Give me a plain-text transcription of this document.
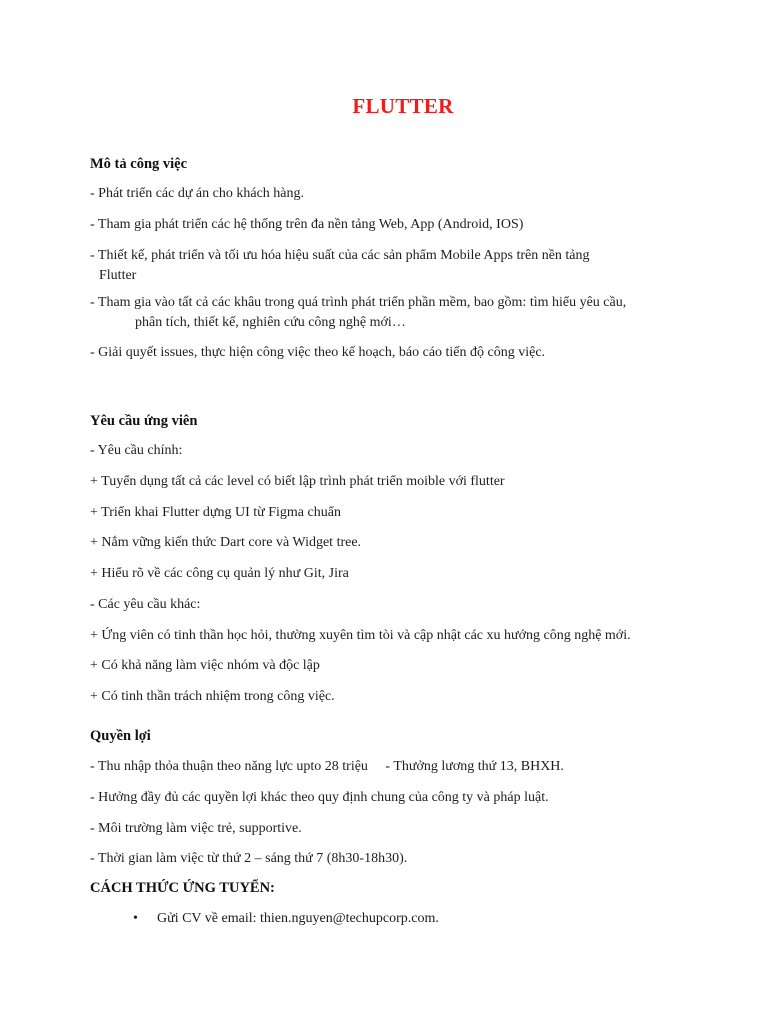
FLUTTER
Mô tả công việc
- Phát triển các dự án cho khách hàng.
- Tham gia phát triển các hệ thống trên đa nền tảng Web, App (Android, IOS)
- Thiết kế, phát triển và tối ưu hóa hiệu suất của các sản phẩm Mobile Apps trên nền tảng
Flutter
- Tham gia vào tất cả các khâu trong quá trình phát triển phần mềm, bao gồm: tìm hiểu yêu cầu,
phân tích, thiết kế, nghiên cứu công nghệ mới…
- Giải quyết issues, thực hiện công việc theo kế hoạch, báo cáo tiến độ công việc.
Yêu cầu ứng viên
- Yêu cầu chính:
+ Tuyển dụng tất cả các level có biết lập trình phát triển moible với flutter
+ Triển khai Flutter dựng UI từ Figma chuẩn
+ Nắm vững kiến thức Dart core và Widget tree.
+ Hiểu rõ về các công cụ quản lý như Git, Jira
- Các yêu cầu khác:
+ Ứng viên có tinh thần học hỏi, thường xuyên tìm tòi và cập nhật các xu hướng công nghệ mới.
+ Có khả năng làm việc nhóm và độc lập
+ Có tinh thần trách nhiệm trong công việc.
Quyền lợi
- Thu nhập thỏa thuận theo năng lực upto 28 triệu     - Thưởng lương thứ 13, BHXH.
- Hưởng đầy đủ các quyền lợi khác theo quy định chung của công ty và pháp luật.
- Môi trường làm việc trẻ, supportive.
- Thời gian làm việc từ thứ 2 – sáng thứ 7 (8h30-18h30).
CÁCH THỨC ỨNG TUYỂN:
• Gửi CV về email: thien.nguyen@techupcorp.com.
